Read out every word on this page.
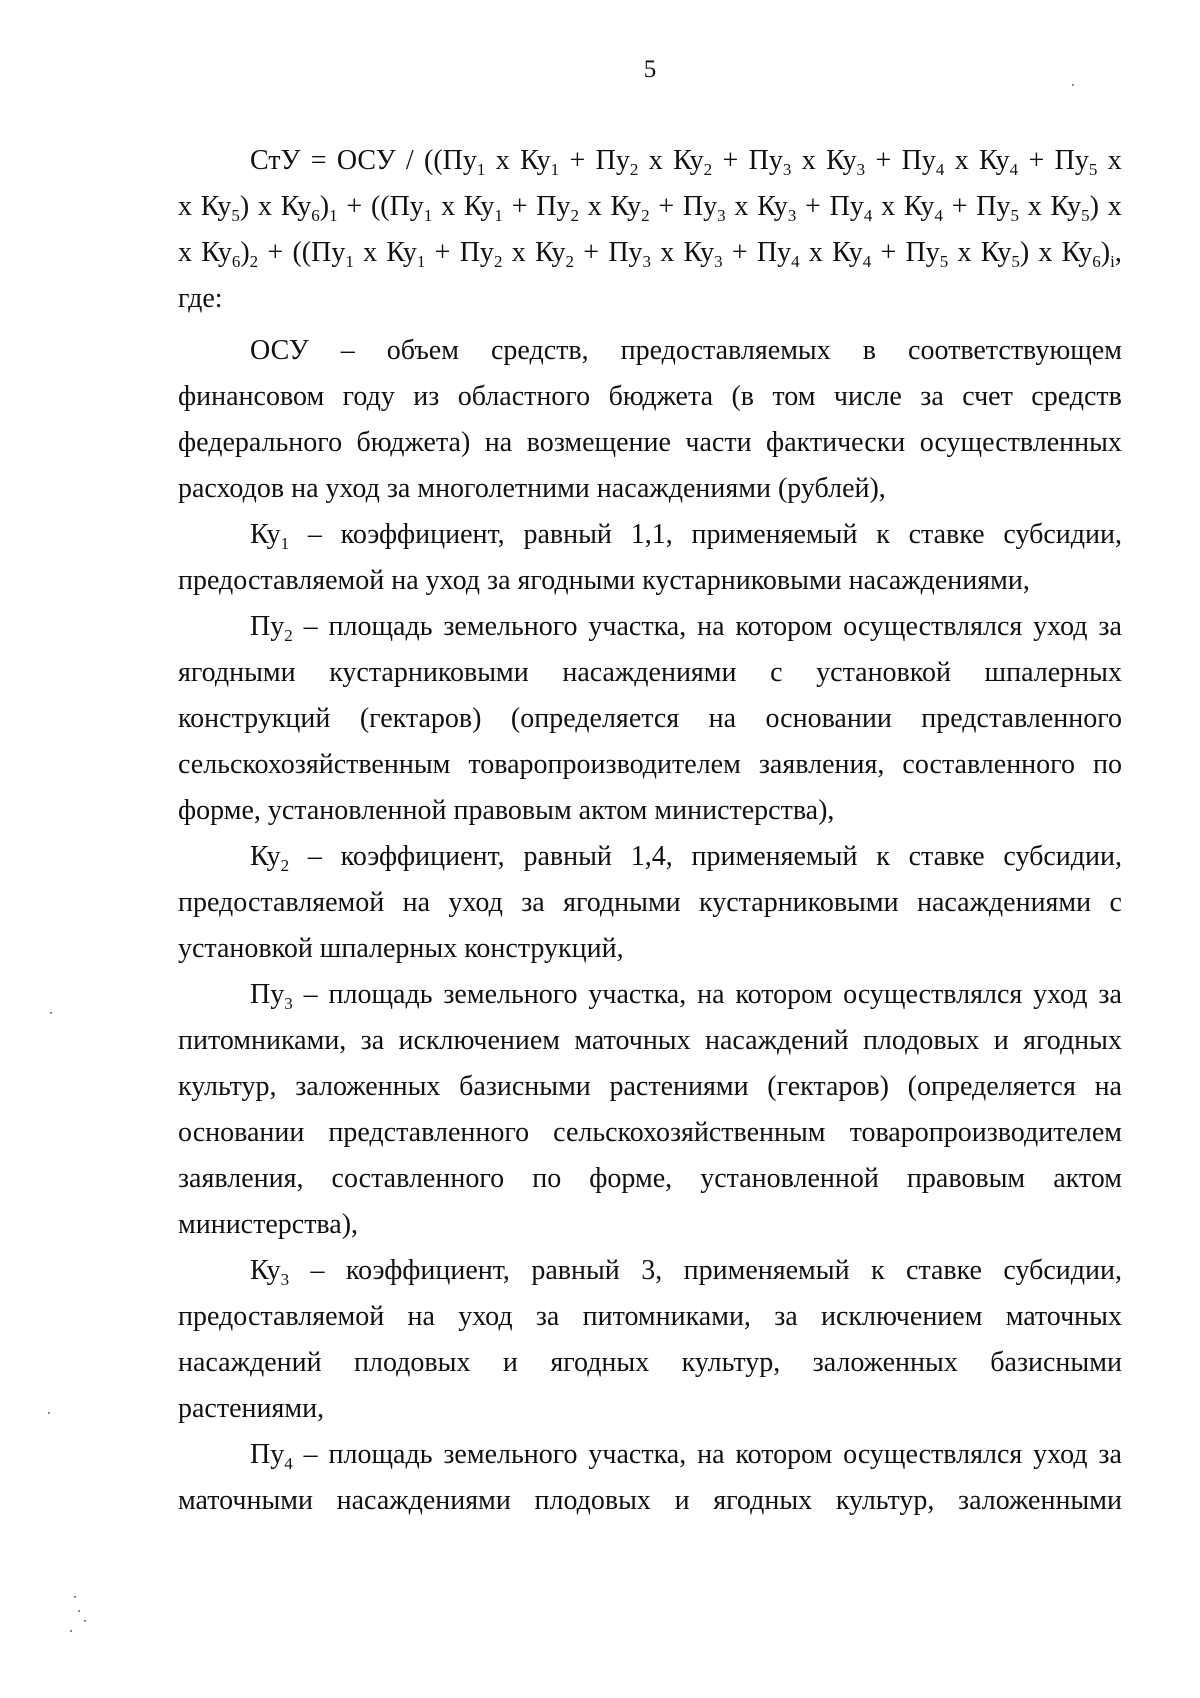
5
СтУ = ОСУ / (($Пу_1$ х $Ку_1 + Пу_2$ х $Ку_2 + Пу_3$ х $Ку_3 + Пу_4$ х $Ку_4 + Пу_5$ х
х $Ку_5$) х $Ку_6)_1 + ((Пу_1$ х $Ку_1 + Пу_2$ х $Ку_2 + Пу_3$ х $Ку_3 + Пу_4$ х $Ку_4 + Пу_5$ х $Ку_5$) х
х $Ку_6)_2 + ((Пу_1$ х $Ку_1 + Пу_2$ х $Ку_2 + Пу_3$ х $Ку_3 + Пу_4$ х $Ку_4 + Пу_5$ х $Ку_5$) х $Ку_6)_i$,
где:
ОСУ – объем средств, предоставляемых в соответствующем
финансовом году из областного бюджета (в том числе за счет средств
федерального бюджета) на возмещение части фактически осуществленных
расходов на уход за многолетними насаждениями (рублей),
$Ку_1$ – коэффициент, равный 1,1, применяемый к ставке субсидии,
предоставляемой на уход за ягодными кустарниковыми насаждениями,
$Пу_2$ – площадь земельного участка, на котором осуществлялся уход за
ягодными кустарниковыми насаждениями с установкой шпалерных
конструкций (гектаров) (определяется на основании представленного
сельскохозяйственным товаропроизводителем заявления, составленного по
форме, установленной правовым актом министерства),
$Ку_2$ – коэффициент, равный 1,4, применяемый к ставке субсидии,
предоставляемой на уход за ягодными кустарниковыми насаждениями с
установкой шпалерных конструкций,
$Пу_3$ – площадь земельного участка, на котором осуществлялся уход за
питомниками, за исключением маточных насаждений плодовых и ягодных
культур, заложенных базисными растениями (гектаров) (определяется на
основании представленного сельскохозяйственным товаропроизводителем
заявления, составленного по форме, установленной правовым актом
министерства),
$Ку_3$ – коэффициент, равный 3, применяемый к ставке субсидии,
предоставляемой на уход за питомниками, за исключением маточных
насаждений плодовых и ягодных культур, заложенных базисными
растениями,
$Пу_4$ – площадь земельного участка, на котором осуществлялся уход за
маточными насаждениями плодовых и ягодных культур, заложенными
